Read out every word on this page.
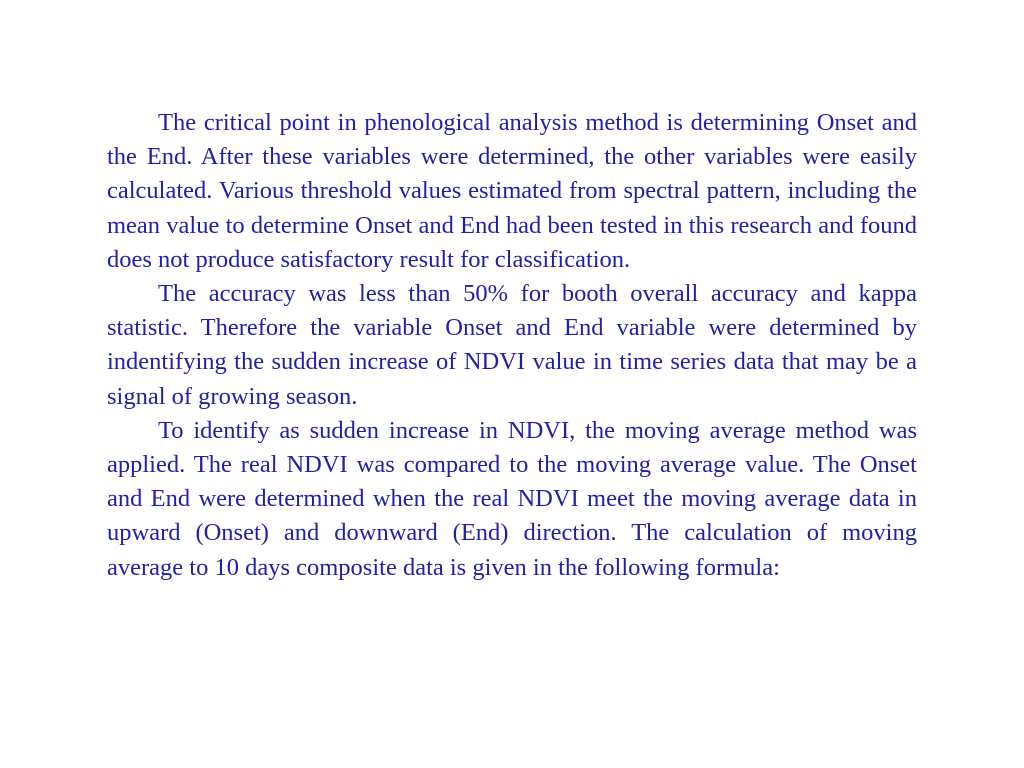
The critical point in phenological analysis method is determining Onset and the End. After these variables were determined, the other variables were easily calculated. Various threshold values estimated from spectral pattern, including the mean value to determine Onset and End had been tested in this research and found does not produce satisfactory result for classification.

The accuracy was less than 50% for booth overall accuracy and kappa statistic. Therefore the variable Onset and End variable were determined by indentifying the sudden increase of NDVI value in time series data that may be a signal of growing season.

To identify as sudden increase in NDVI, the moving average method was applied. The real NDVI was compared to the moving average value. The Onset and End were determined when the real NDVI meet the moving average data in upward (Onset) and downward (End) direction. The calculation of moving average to 10 days composite data is given in the following formula:
